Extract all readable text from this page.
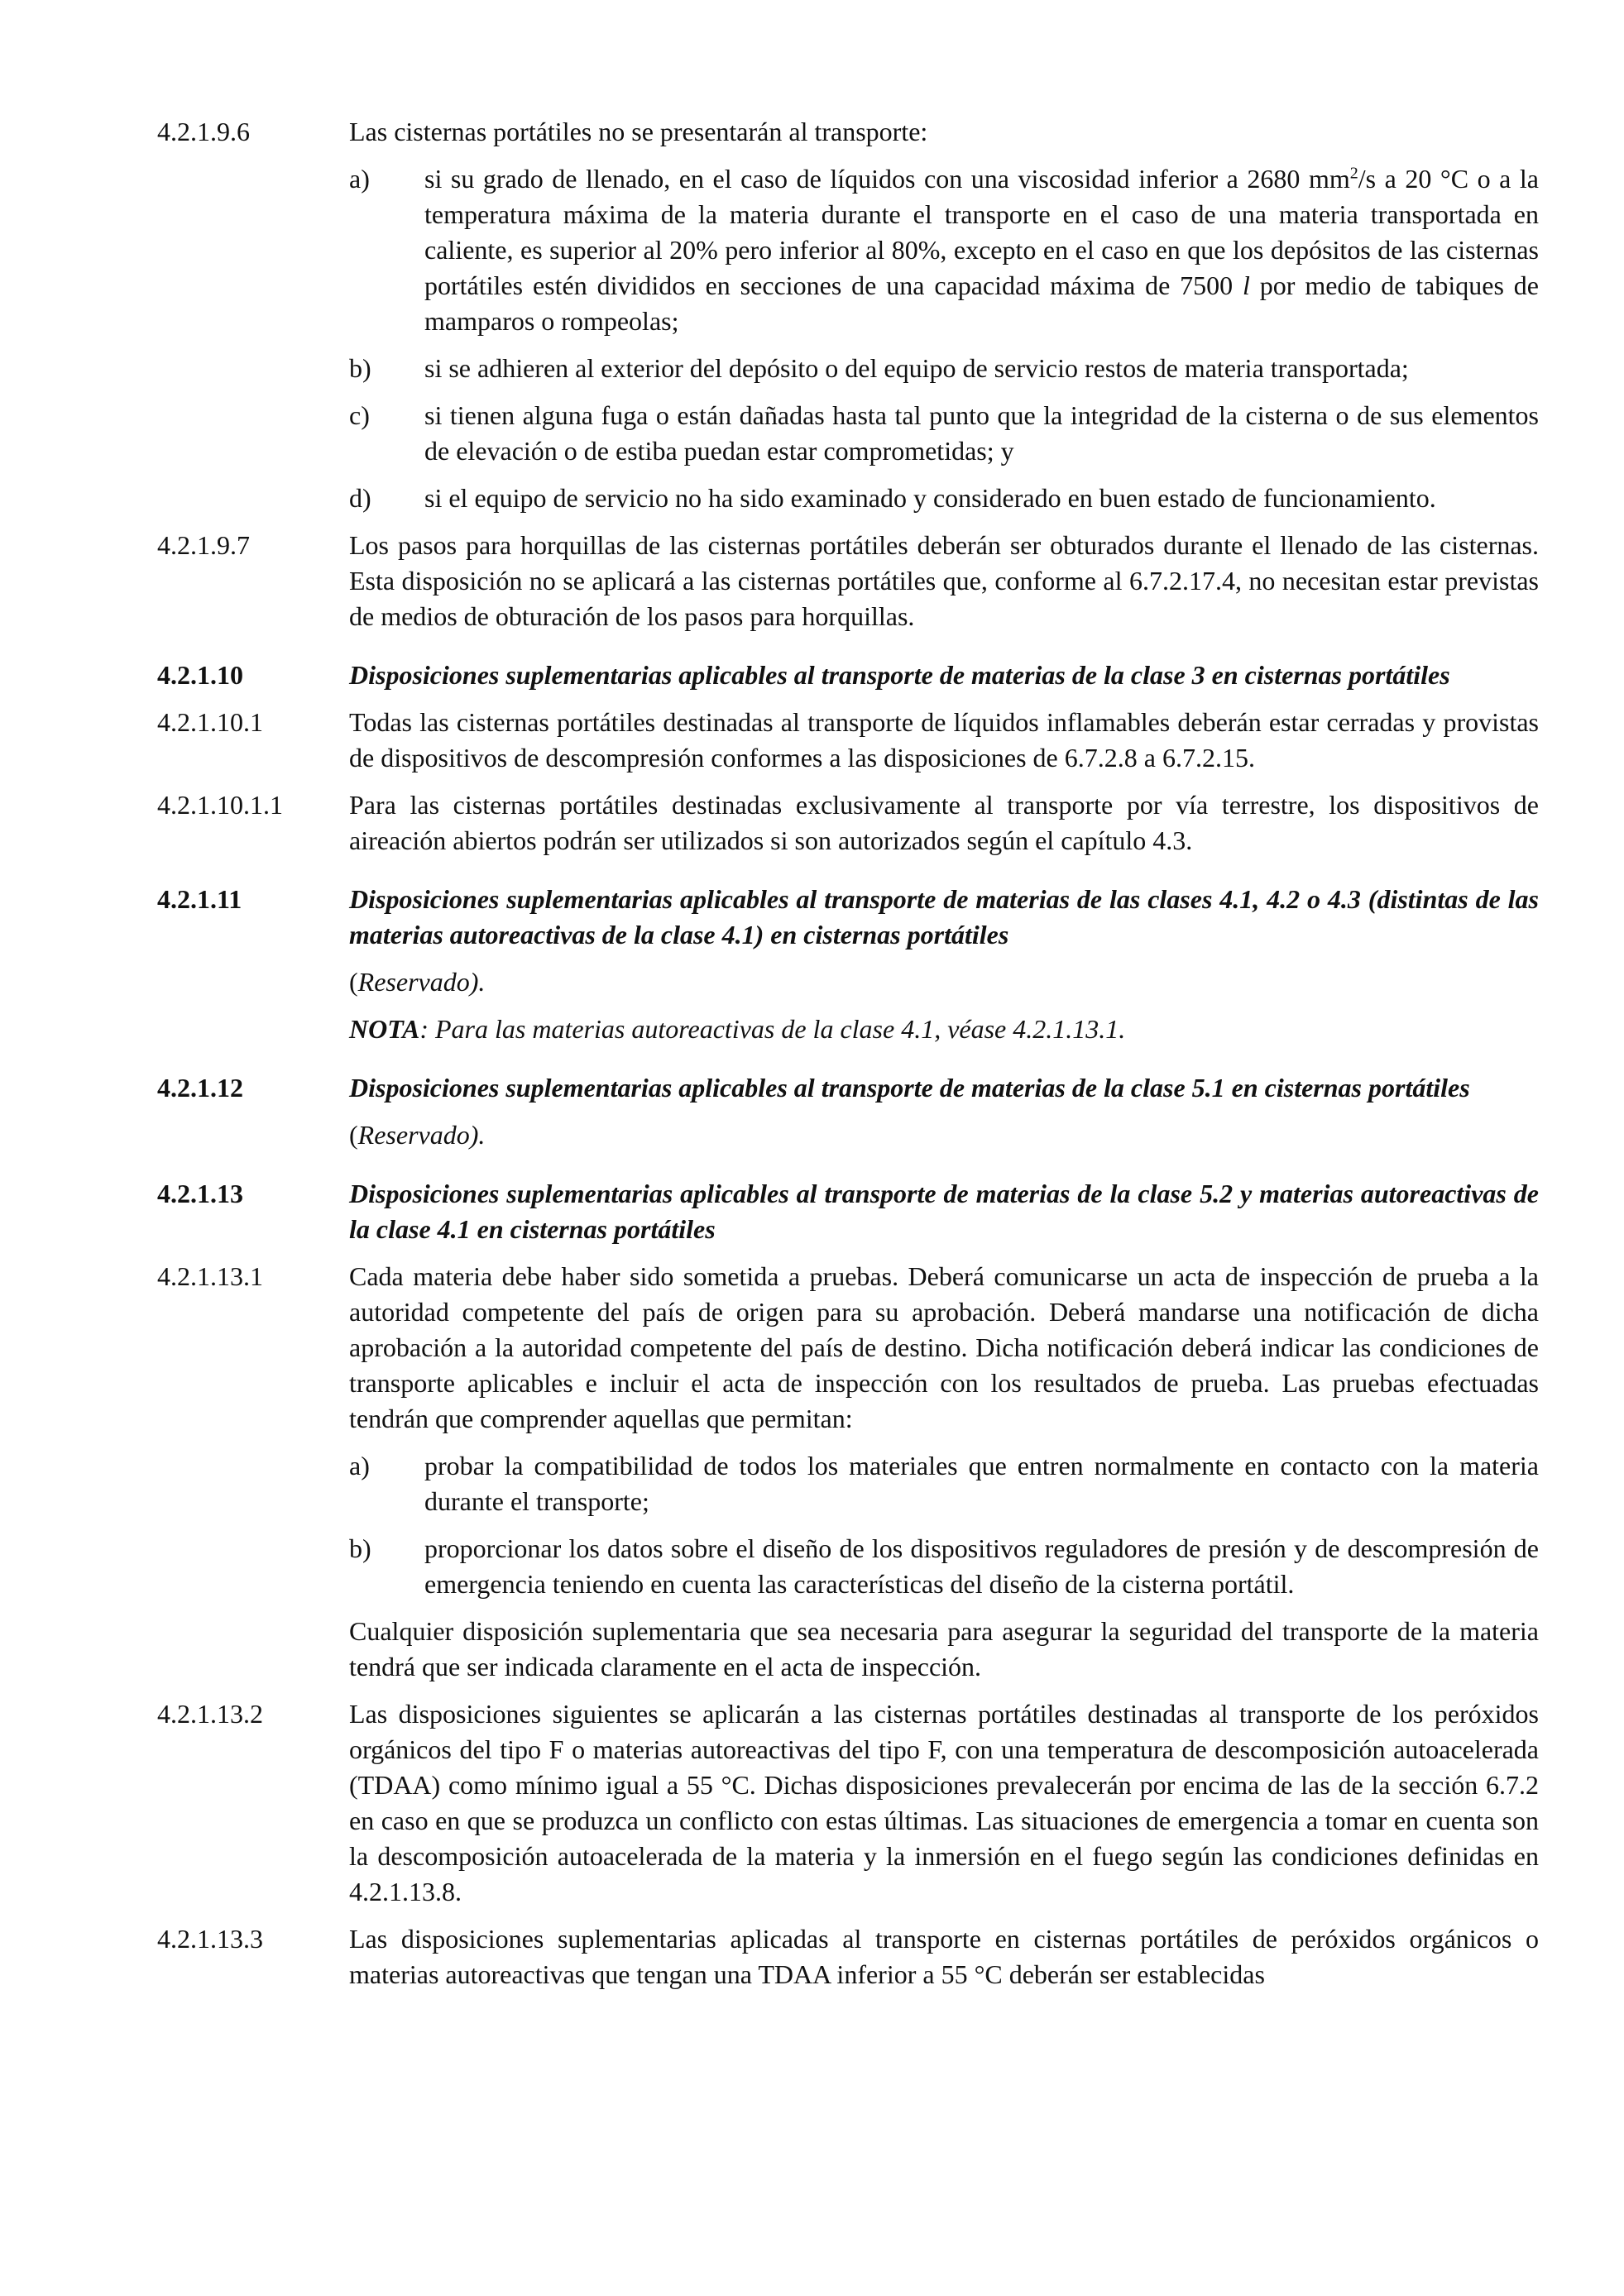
4.2.1.9.6	Las cisternas portátiles no se presentarán al transporte:
a)	si su grado de llenado, en el caso de líquidos con una viscosidad inferior a 2680 $mm^2/s$ a 20 °C o a la temperatura máxima de la materia durante el transporte en el caso de una materia transportada en caliente, es superior al 20% pero inferior al 80%, excepto en el caso en que los depósitos de las cisternas portátiles estén divididos en secciones de una capacidad máxima de 7500 l por medio de tabiques de mamparos o rompeolas;
b)	si se adhieren al exterior del depósito o del equipo de servicio restos de materia transportada;
c)	si tienen alguna fuga o están dañadas hasta tal punto que la integridad de la cisterna o de sus elementos de elevación o de estiba puedan estar comprometidas; y
d)	si el equipo de servicio no ha sido examinado y considerado en buen estado de funcionamiento.
4.2.1.9.7	Los pasos para horquillas de las cisternas portátiles deberán ser obturados durante el llenado de las cisternas. Esta disposición no se aplicará a las cisternas portátiles que, conforme al 6.7.2.17.4, no necesitan estar previstas de medios de obturación de los pasos para horquillas.
4.2.1.10	Disposiciones suplementarias aplicables al transporte de materias de la clase 3 en cisternas portátiles
4.2.1.10.1	Todas las cisternas portátiles destinadas al transporte de líquidos inflamables deberán estar cerradas y provistas de dispositivos de descompresión conformes a las disposiciones de 6.7.2.8 a 6.7.2.15.
4.2.1.10.1.1	Para las cisternas portátiles destinadas exclusivamente al transporte por vía terrestre, los dispositivos de aireación abiertos podrán ser utilizados si son autorizados según el capítulo 4.3.
4.2.1.11	Disposiciones suplementarias aplicables al transporte de materias de las clases 4.1, 4.2 o 4.3 (distintas de las materias autoreactivas de la clase 4.1) en cisternas portátiles
(Reservado).
NOTA: Para las materias autoreactivas de la clase 4.1, véase 4.2.1.13.1.
4.2.1.12	Disposiciones suplementarias aplicables al transporte de materias de la clase 5.1 en cisternas portátiles
(Reservado).
4.2.1.13	Disposiciones suplementarias aplicables al transporte de materias de la clase 5.2 y materias autoreactivas de la clase 4.1 en cisternas portátiles
4.2.1.13.1	Cada materia debe haber sido sometida a pruebas. Deberá comunicarse un acta de inspección de prueba a la autoridad competente del país de origen para su aprobación. Deberá mandarse una notificación de dicha aprobación a la autoridad competente del país de destino. Dicha notificación deberá indicar las condiciones de transporte aplicables e incluir el acta de inspección con los resultados de prueba. Las pruebas efectuadas tendrán que comprender aquellas que permitan:
a)	probar la compatibilidad de todos los materiales que entren normalmente en contacto con la materia durante el transporte;
b)	proporcionar los datos sobre el diseño de los dispositivos reguladores de presión y de descompresión de emergencia teniendo en cuenta las características del diseño de la cisterna portátil.
Cualquier disposición suplementaria que sea necesaria para asegurar la seguridad del transporte de la materia tendrá que ser indicada claramente en el acta de inspección.
4.2.1.13.2	Las disposiciones siguientes se aplicarán a las cisternas portátiles destinadas al transporte de los peróxidos orgánicos del tipo F o materias autoreactivas del tipo F, con una temperatura de descomposición autoacelerada (TDAA) como mínimo igual a 55 °C. Dichas disposiciones prevalecerán por encima de las de la sección 6.7.2 en caso en que se produzca un conflicto con estas últimas. Las situaciones de emergencia a tomar en cuenta son la descomposición autoacelerada de la materia y la inmersión en el fuego según las condiciones definidas en 4.2.1.13.8.
4.2.1.13.3	Las disposiciones suplementarias aplicadas al transporte en cisternas portátiles de peróxidos orgánicos o materias autoreactivas que tengan una TDAA inferior a 55 °C deberán ser establecidas
